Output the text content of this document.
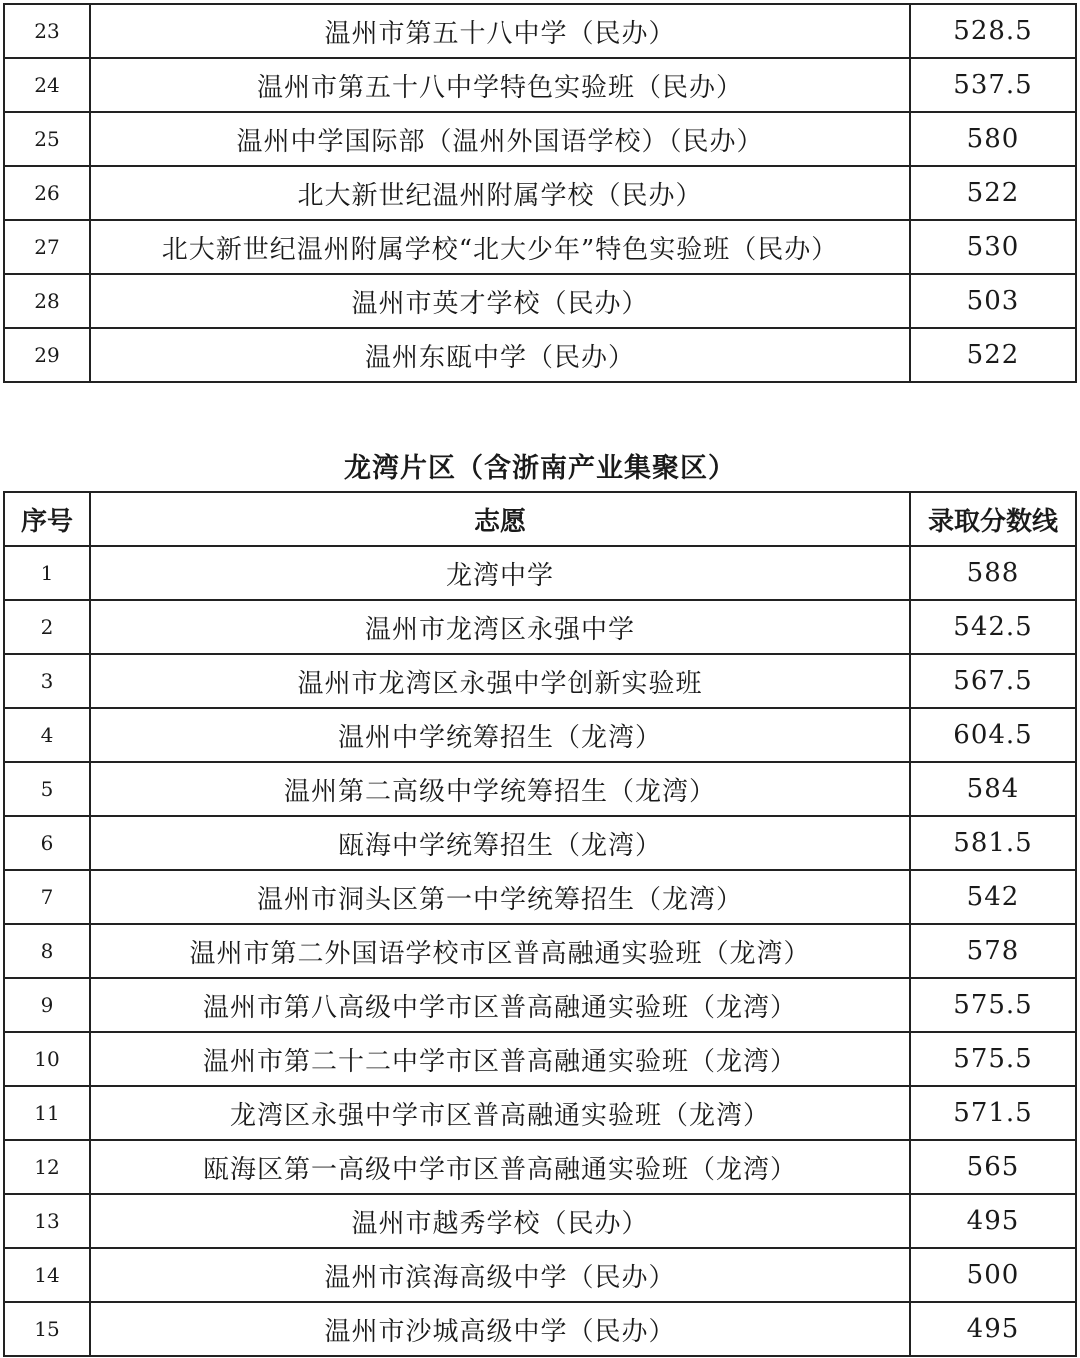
23	温州市第五十八中学（民办）	528.5
24	温州市第五十八中学特色实验班（民办）	537.5
25	温州中学国际部（温州外国语学校）（民办）	580
26	北大新世纪温州附属学校（民办）	522
27	北大新世纪温州附属学校“北大少年”特色实验班（民办）	530
28	温州市英才学校（民办）	503
29	温州东瓯中学（民办）	522
龙湾片区（含浙南产业集聚区）
序号	志愿	录取分数线
1	龙湾中学	588
2	温州市龙湾区永强中学	542.5
3	温州市龙湾区永强中学创新实验班	567.5
4	温州中学统筹招生（龙湾）	604.5
5	温州第二高级中学统筹招生（龙湾）	584
6	瓯海中学统筹招生（龙湾）	581.5
7	温州市洞头区第一中学统筹招生（龙湾）	542
8	温州市第二外国语学校市区普高融通实验班（龙湾）	578
9	温州市第八高级中学市区普高融通实验班（龙湾）	575.5
10	温州市第二十二中学市区普高融通实验班（龙湾）	575.5
11	龙湾区永强中学市区普高融通实验班（龙湾）	571.5
12	瓯海区第一高级中学市区普高融通实验班（龙湾）	565
13	温州市越秀学校（民办）	495
14	温州市滨海高级中学（民办）	500
15	温州市沙城高级中学（民办）	495
